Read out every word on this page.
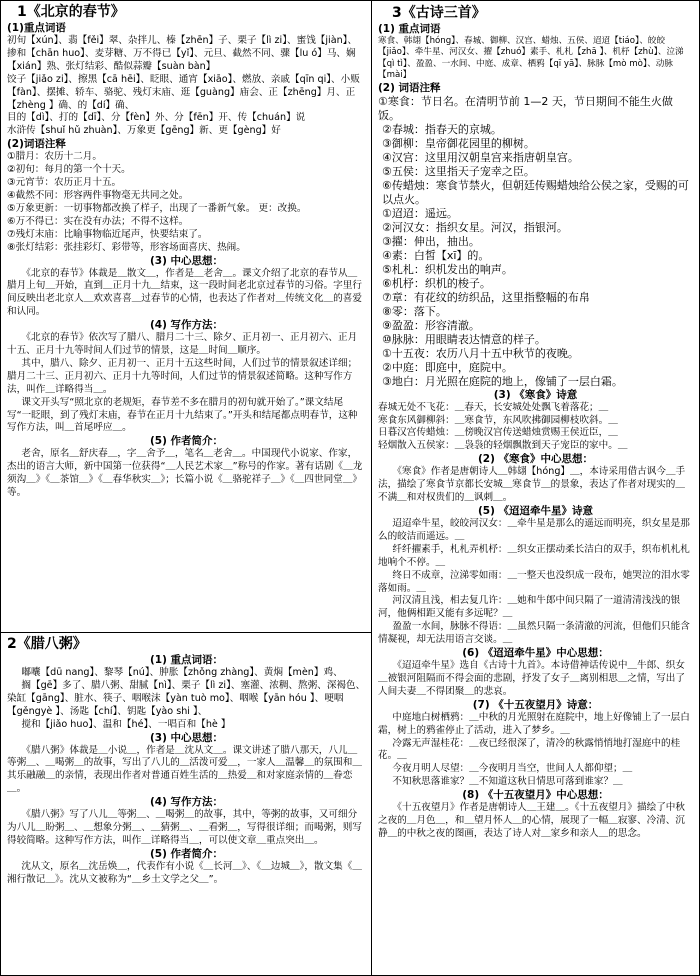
1《北京的春节》
(1)重点词语
初旬【xún】、翡【fěi】翠、杂拌儿、榛【zhēn】子、栗子【lì zi】、蜜饯【jiàn】、掺和【chān huo】、麦芽糖、万不得已【yǐ】、元旦、截然不同、骤【lu ó】马、娴【xián】熟、张灯结彩、酷似蒜瓣【suàn bàn】
饺子【jiǎo zi】、擦黑【cā hēi】、眨眼、通宵【xiāo】、燃放、亲戚【qīn qi】、小贩【fàn】、摆摊、轿车、骆驼、残灯末庙、逛【guàng】庙会、正【zhēng】月、正【zhèng 】确、的【dí】确、
目的【dì】、打的【dī】、分【fèn】外、分【fēn】开、传【chuán】说
水浒传【shuǐ hǔ zhuàn】、万象更【gēng】新、更【gèng】好
(2)词语注释
①腊月：农历十二月。
②初旬：每月的第一个十天。
③元宵节：农历正月十五。
④截然不同：形容两件事物毫无共同之处。
⑤万象更新：一切事物都改换了样子，出现了一番新气象。 更：改换。
⑥万不得已：实在没有办法；不得不这样。
⑦残灯末庙：比喻事物临近尾声，快要结束了。
⑧张灯结彩：张挂彩灯、彩带等，形容场面喜庆、热闹。
(3) 中心思想：
《北京的春节》体裁是＿散文＿，作者是＿老舍＿。课文介绍了北京的春节从＿腊月上旬＿开始，直到＿正月十九＿结束，这一段时间老北京过春节的习俗。字里行间反映出老北京人＿欢欢喜喜＿过春节的心情，也表达了作者对＿传统文化＿的喜爱和认同。
(4) 写作方法：
《北京的春节》依次写了腊八、腊月二十三、除夕、正月初一、正月初六、正月十五、正月十九等时间人们过节的情景，这是＿时间＿顺序。
其中，腊八、除夕、正月初一、正月十五这些时间，人们过节的情景叙述详细；腊月二十三、正月初六、正月十九等时间，人们过节的情景叙述简略。这种写作方法，叫作＿详略得当＿。
课文开头写“照北京的老规矩，春节差不多在腊月的初旬就开始了。”课文结尾写“一眨眼，到了残灯末庙，春节在正月十九结束了。”开头和结尾都点明春节，这种写作方法，叫＿首尾呼应＿。
(5) 作者简介：
老舍，原名＿舒庆春＿，字＿舍予＿，笔名＿老舍＿。中国现代小说家、作家，杰出的语言大师，新中国第一位获得“＿人民艺术家＿”称号的作家。著有话剧《＿龙须沟＿》《＿茶馆＿》《＿春华秋实＿》；长篇小说《＿骆驼祥子＿》《＿四世同堂＿》等。
2《腊八粥》
(1) 重点词语：
嘟囔【dū nang】、黎琴【nú】、肿胀【zhǒng zhàng】、黄焖【mèn】鸡、
搁【gē】多了、腊八粥、甜腻【nì】、栗子【lì zi】、塞灌、浓稠、熬粥、深褐色、染缸【gāng】、脏水、筷子、咽喉沫【yàn tuò mo】、咽喉【yān hóu 】、哽咽【gěngyè 】、汤匙【chí】、钥匙【yào shi 】、
搅和【jiǎo huo】、温和【hé】、一唱百和【hè 】
(3) 中心思想：
《腊八粥》体裁是＿小说＿，作者是＿沈从文＿。课文讲述了腊八那天，八儿＿等粥＿、＿喝粥＿的故事，写出了八儿的＿活泼可爱＿，一家人＿温馨＿的氛围和＿其乐融融＿的亲情，表现出作者对普通百姓生活的＿热爱＿和对家庭亲情的＿眷恋＿。
(4) 写作方法：
《腊八粥》写了八儿＿等粥＿、＿喝粥＿的故事，其中，等粥的故事，又可细分为八儿＿盼粥＿、＿想象分粥＿、＿猜粥＿、＿看粥＿，写得很详细；而喝粥，则写得较简略。这种写作方法，叫作＿详略得当＿，可以使文章＿重点突出＿。
(5) 作者简介：
沈从文，原名＿沈岳焕＿，代表作有小说《＿长河＿》、《＿边城＿》，散文集《＿湘行散记＿》。沈从文被称为“＿乡土文学之父＿”。
3《古诗三首》
(1) 重点词语
寒食、韩翃【hóng】、春城、御柳、汉宫、蜡烛、五侯、迢迢【tiáo】、皎皎【jiǎo】、牵牛星、河汉女、擢【zhuó】素手、札札【zhā 】、机杼【zhù】、泣涕【qì tì】、盈盈、一水间、中庭、成章、栖鸦【qī yā】、脉脉【mò mò】、动脉【mài】
(2) 词语注释
①寒食：节日名。在清明节前 1—2 天，节日期间不能生火做饭。
②春城：指春天的京城。
③御柳：皇帝御花园里的柳树。
④汉宫：这里用汉朝皇宫来指唐朝皇宫。
⑤五侯：这里指天子宠幸之臣。
⑥传蜡烛：寒食节禁火，但朝廷传赐蜡烛给公侯之家，受赐的可以点火。
①迢迢：遥远。
②河汉女：指织女星。河汉，指银河。
③擢：伸出，抽出。
④素：白皙【xī】的。
⑤札札：织机发出的响声。
⑥机杼：织机的梭子。
⑦章：有花纹的纺织品，这里指整幅的布帛
⑧零：落下。
⑨盈盈：形容清澈。
⑩脉脉：用眼睛表达情意的样子。
①十五夜：农历八月十五中秋节的夜晚。
②中庭：即庭中，庭院中。
③地白：月光照在庭院的地上，像铺了一层白霜。
(3) 《寒食》诗意
春城无处不飞花：＿春天，长安城处处飘飞着落花；＿
寒食东风御柳斜：＿寒食节，东风吹拂御园柳枝吹斜。＿
日暮汉宫传蜡烛：＿傍晚汉宫传送蜡烛赏赐王侯近臣，＿
轻烟散入五侯家：＿袅袅的轻烟飘散到天子宠臣的家中。＿
(2) 《寒食》中心思想：
《寒食》作者是唐朝诗人＿韩翃【hóng】＿，本诗采用借古讽今＿手法，描绘了寒食节京都长安城＿寒食节＿的景象，表达了作者对现实的＿不满＿和对权贵们的＿讽刺＿。
(5) 《迢迢牵牛星》诗意
迢迢牵牛星，皎皎河汉女：＿牵牛星是那么的遥远而明亮，织女星是那么的皎洁而遥远。＿
纤纤擢素手，札札弄机杼：＿织女正摆动柔长洁白的双手，织布机札札地响个不停。＿
终日不成章，泣涕零如雨：＿一整天也没织成一段布，她哭泣的泪水零落如雨。＿
河汉清且浅，相去复几许：＿她和牛郎中间只隔了一道清清浅浅的银河，他俩相距又能有多远呢？＿
盈盈一水间，脉脉不得语：＿虽然只隔一条清澈的河流，但他们只能含情凝视，却无法用语言交谈。＿
(6) 《迢迢牵牛星》中心思想：
《迢迢牵牛星》选自《古诗十九首》。本诗借神话传说中＿牛郎、织女＿被银河阻隔而不得会面的悲剧，抒发了女子＿离别相思＿之情，写出了人间夫妻＿不得团聚＿的悲哀。
(7) 《十五夜望月》诗意：
中庭地白树栖鸦：＿中秋的月光照射在庭院中，地上好像铺上了一层白霜，树上的鸦雀停止了活动，进入了梦乡。＿
冷露无声湿桂花：＿夜已经很深了，清冷的秋露悄悄地打湿庭中的桂花。＿
今夜月明人尽望：＿今夜明月当空，世间人人都仰望；＿
不知秋思落谁家？＿不知道这秋日情思可落到谁家？＿
(8) 《十五夜望月》中心思想：
《十五夜望月》作者是唐朝诗人＿王建＿。《十五夜望月》描绘了中秋之夜的＿月色＿，和＿望月怀人＿的心情，展现了一幅＿寂寥、冷清、沉静＿的中秋之夜的图画，表达了诗人对＿家乡和亲人＿的思念。
